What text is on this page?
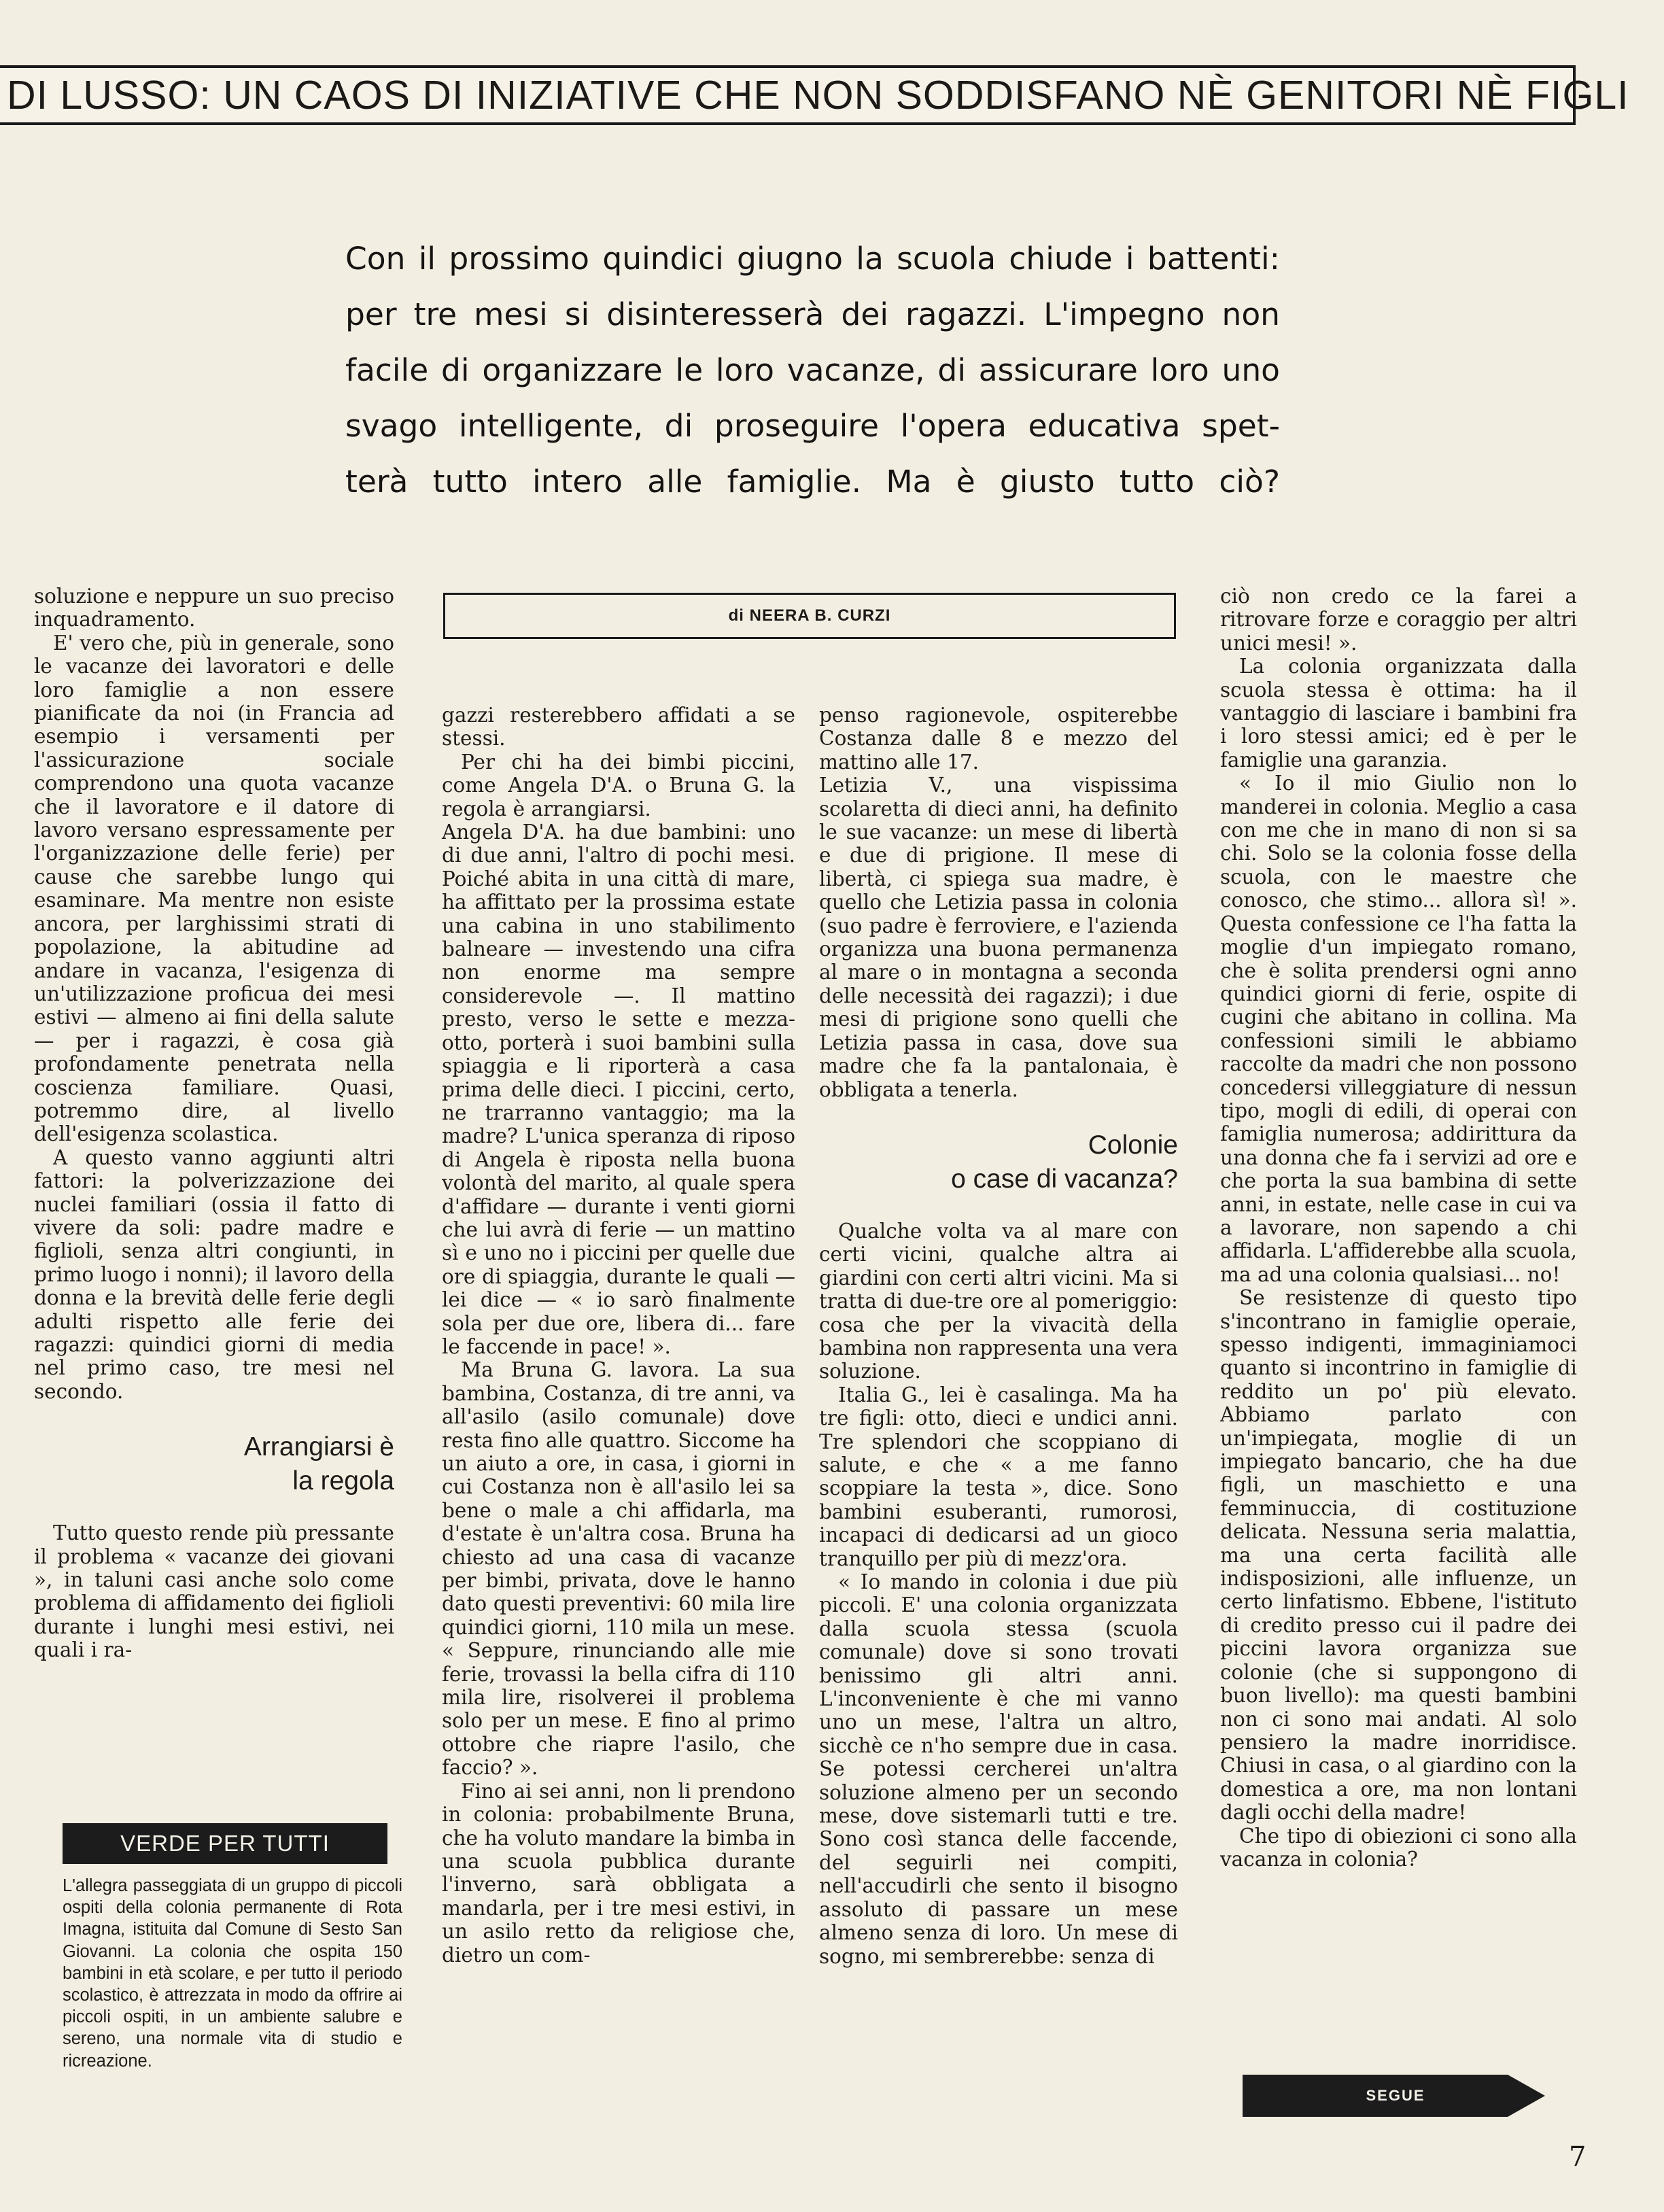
DI LUSSO: UN CAOS DI INIZIATIVE CHE NON SODDISFANO NÈ GENITORI NÈ FIGLI

Con il prossimo quindici giugno la scuola chiude i battenti:

per tre mesi si disinteresserà dei ragazzi. L'impegno non

facile di organizzare le loro vacanze, di assicurare loro uno

svago intelligente, di proseguire l'opera educativa spet-

terà tutto intero alle famiglie. Ma è giusto tutto ciò?

di NEERA B. CURZI

soluzione e neppure un suo preciso inquadramento.

E' vero che, più in generale, sono le vacanze dei lavoratori e delle loro famiglie a non essere pianificate da noi (in Francia ad esempio i versamenti per l'assicurazione sociale comprendono una quota vacanze che il lavoratore e il datore di lavoro versano espressamente per l'organizzazione delle ferie) per cause che sarebbe lungo qui esaminare. Ma mentre non esiste ancora, per larghissimi strati di popolazione, la abitudine ad andare in vacanza, l'esigenza di un'utilizzazione proficua dei mesi estivi — almeno ai fini della salute — per i ragazzi, è cosa già profondamente penetrata nella coscienza familiare. Quasi, potremmo dire, al livello dell'esigenza scolastica.

A questo vanno aggiunti altri fattori: la polverizzazione dei nuclei familiari (ossia il fatto di vivere da soli: padre madre e figlioli, senza altri congiunti, in primo luogo i nonni); il lavoro della donna e la brevità delle ferie degli adulti rispetto alle ferie dei ragazzi: quindici giorni di media nel primo caso, tre mesi nel secondo.

Arrangiarsi è
la regola

Tutto questo rende più pressante il problema « vacanze dei giovani », in taluni casi anche solo come problema di affidamento dei figlioli durante i lunghi mesi estivi, nei quali i ra-

VERDE PER TUTTI
L'allegra passeggiata di un gruppo di piccoli ospiti della colonia permanente di Rota Imagna, istituita dal Comune di Sesto San Giovanni. La colonia che ospita 150 bambini in età scolare, e per tutto il periodo scolastico, è attrezzata in modo da offrire ai piccoli ospiti, in un ambiente salubre e sereno, una normale vita di studio e ricreazione.

gazzi resterebbero affidati a se stessi.

Per chi ha dei bimbi piccini, come Angela D'A. o Bruna G. la regola è arrangiarsi.

Angela D'A. ha due bambini: uno di due anni, l'altro di pochi mesi. Poiché abita in una città di mare, ha affittato per la prossima estate una cabina in uno stabilimento balneare — investendo una cifra non enorme ma sempre considerevole —. Il mattino presto, verso le sette e mezza-otto, porterà i suoi bambini sulla spiaggia e li riporterà a casa prima delle dieci. I piccini, certo, ne trarranno vantaggio; ma la madre? L'unica speranza di riposo di Angela è riposta nella buona volontà del marito, al quale spera d'affidare — durante i venti giorni che lui avrà di ferie — un mattino sì e uno no i piccini per quelle due ore di spiaggia, durante le quali — lei dice — « io sarò finalmente sola per due ore, libera di... fare le faccende in pace! ».

Ma Bruna G. lavora. La sua bambina, Costanza, di tre anni, va all'asilo (asilo comunale) dove resta fino alle quattro. Siccome ha un aiuto a ore, in casa, i giorni in cui Costanza non è all'asilo lei sa bene o male a chi affidarla, ma d'estate è un'altra cosa. Bruna ha chiesto ad una casa di vacanze per bimbi, privata, dove le hanno dato questi preventivi: 60 mila lire quindici giorni, 110 mila un mese. « Seppure, rinunciando alle mie ferie, trovassi la bella cifra di 110 mila lire, risolverei il problema solo per un mese. E fino al primo ottobre che riapre l'asilo, che faccio? ».

Fino ai sei anni, non li prendono in colonia: probabilmente Bruna, che ha voluto mandare la bimba in una scuola pubblica durante l'inverno, sarà obbligata a mandarla, per i tre mesi estivi, in un asilo retto da religiose che, dietro un com-

penso ragionevole, ospiterebbe Costanza dalle 8 e mezzo del mattino alle 17.

Letizia V., una vispissima scolaretta di dieci anni, ha definito le sue vacanze: un mese di libertà e due di prigione. Il mese di libertà, ci spiega sua madre, è quello che Letizia passa in colonia (suo padre è ferroviere, e l'azienda organizza una buona permanenza al mare o in montagna a seconda delle necessità dei ragazzi); i due mesi di prigione sono quelli che Letizia passa in casa, dove sua madre che fa la pantalonaia, è obbligata a tenerla.

Colonie
o case di vacanza?

Qualche volta va al mare con certi vicini, qualche altra ai giardini con certi altri vicini. Ma si tratta di due-tre ore al pomeriggio: cosa che per la vivacità della bambina non rappresenta una vera soluzione.

Italia G., lei è casalinga. Ma ha tre figli: otto, dieci e undici anni. Tre splendori che scoppiano di salute, e che « a me fanno scoppiare la testa », dice. Sono bambini esuberanti, rumorosi, incapaci di dedicarsi ad un gioco tranquillo per più di mezz'ora.

« Io mando in colonia i due più piccoli. E' una colonia organizzata dalla scuola stessa (scuola comunale) dove si sono trovati benissimo gli altri anni. L'inconveniente è che mi vanno uno un mese, l'altra un altro, sicchè ce n'ho sempre due in casa. Se potessi cercherei un'altra soluzione almeno per un secondo mese, dove sistemarli tutti e tre. Sono così stanca delle faccende, del seguirli nei compiti, nell'accudirli che sento il bisogno assoluto di passare un mese almeno senza di loro. Un mese di sogno, mi sembrerebbe: senza di

ciò non credo ce la farei a ritrovare forze e coraggio per altri unici mesi! ».

La colonia organizzata dalla scuola stessa è ottima: ha il vantaggio di lasciare i bambini fra i loro stessi amici; ed è per le famiglie una garanzia.

« Io il mio Giulio non lo manderei in colonia. Meglio a casa con me che in mano di non si sa chi. Solo se la colonia fosse della scuola, con le maestre che conosco, che stimo... allora sì! ». Questa confessione ce l'ha fatta la moglie d'un impiegato romano, che è solita prendersi ogni anno quindici giorni di ferie, ospite di cugini che abitano in collina. Ma confessioni simili le abbiamo raccolte da madri che non possono concedersi villeggiature di nessun tipo, mogli di edili, di operai con famiglia numerosa; addirittura da una donna che fa i servizi ad ore e che porta la sua bambina di sette anni, in estate, nelle case in cui va a lavorare, non sapendo a chi affidarla. L'affiderebbe alla scuola, ma ad una colonia qualsiasi... no!

Se resistenze di questo tipo s'incontrano in famiglie operaie, spesso indigenti, immaginiamoci quanto si incontrino in famiglie di reddito un po' più elevato. Abbiamo parlato con un'impiegata, moglie di un impiegato bancario, che ha due figli, un maschietto e una femminuccia, di costituzione delicata. Nessuna seria malattia, ma una certa facilità alle indisposizioni, alle influenze, un certo linfatismo. Ebbene, l'istituto di credito presso cui il padre dei piccini lavora organizza sue colonie (che si suppongono di buon livello): ma questi bambini non ci sono mai andati. Al solo pensiero la madre inorridisce. Chiusi in casa, o al giardino con la domestica a ore, ma non lontani dagli occhi della madre!

Che tipo di obiezioni ci sono alla vacanza in colonia?

SEGUE
7
